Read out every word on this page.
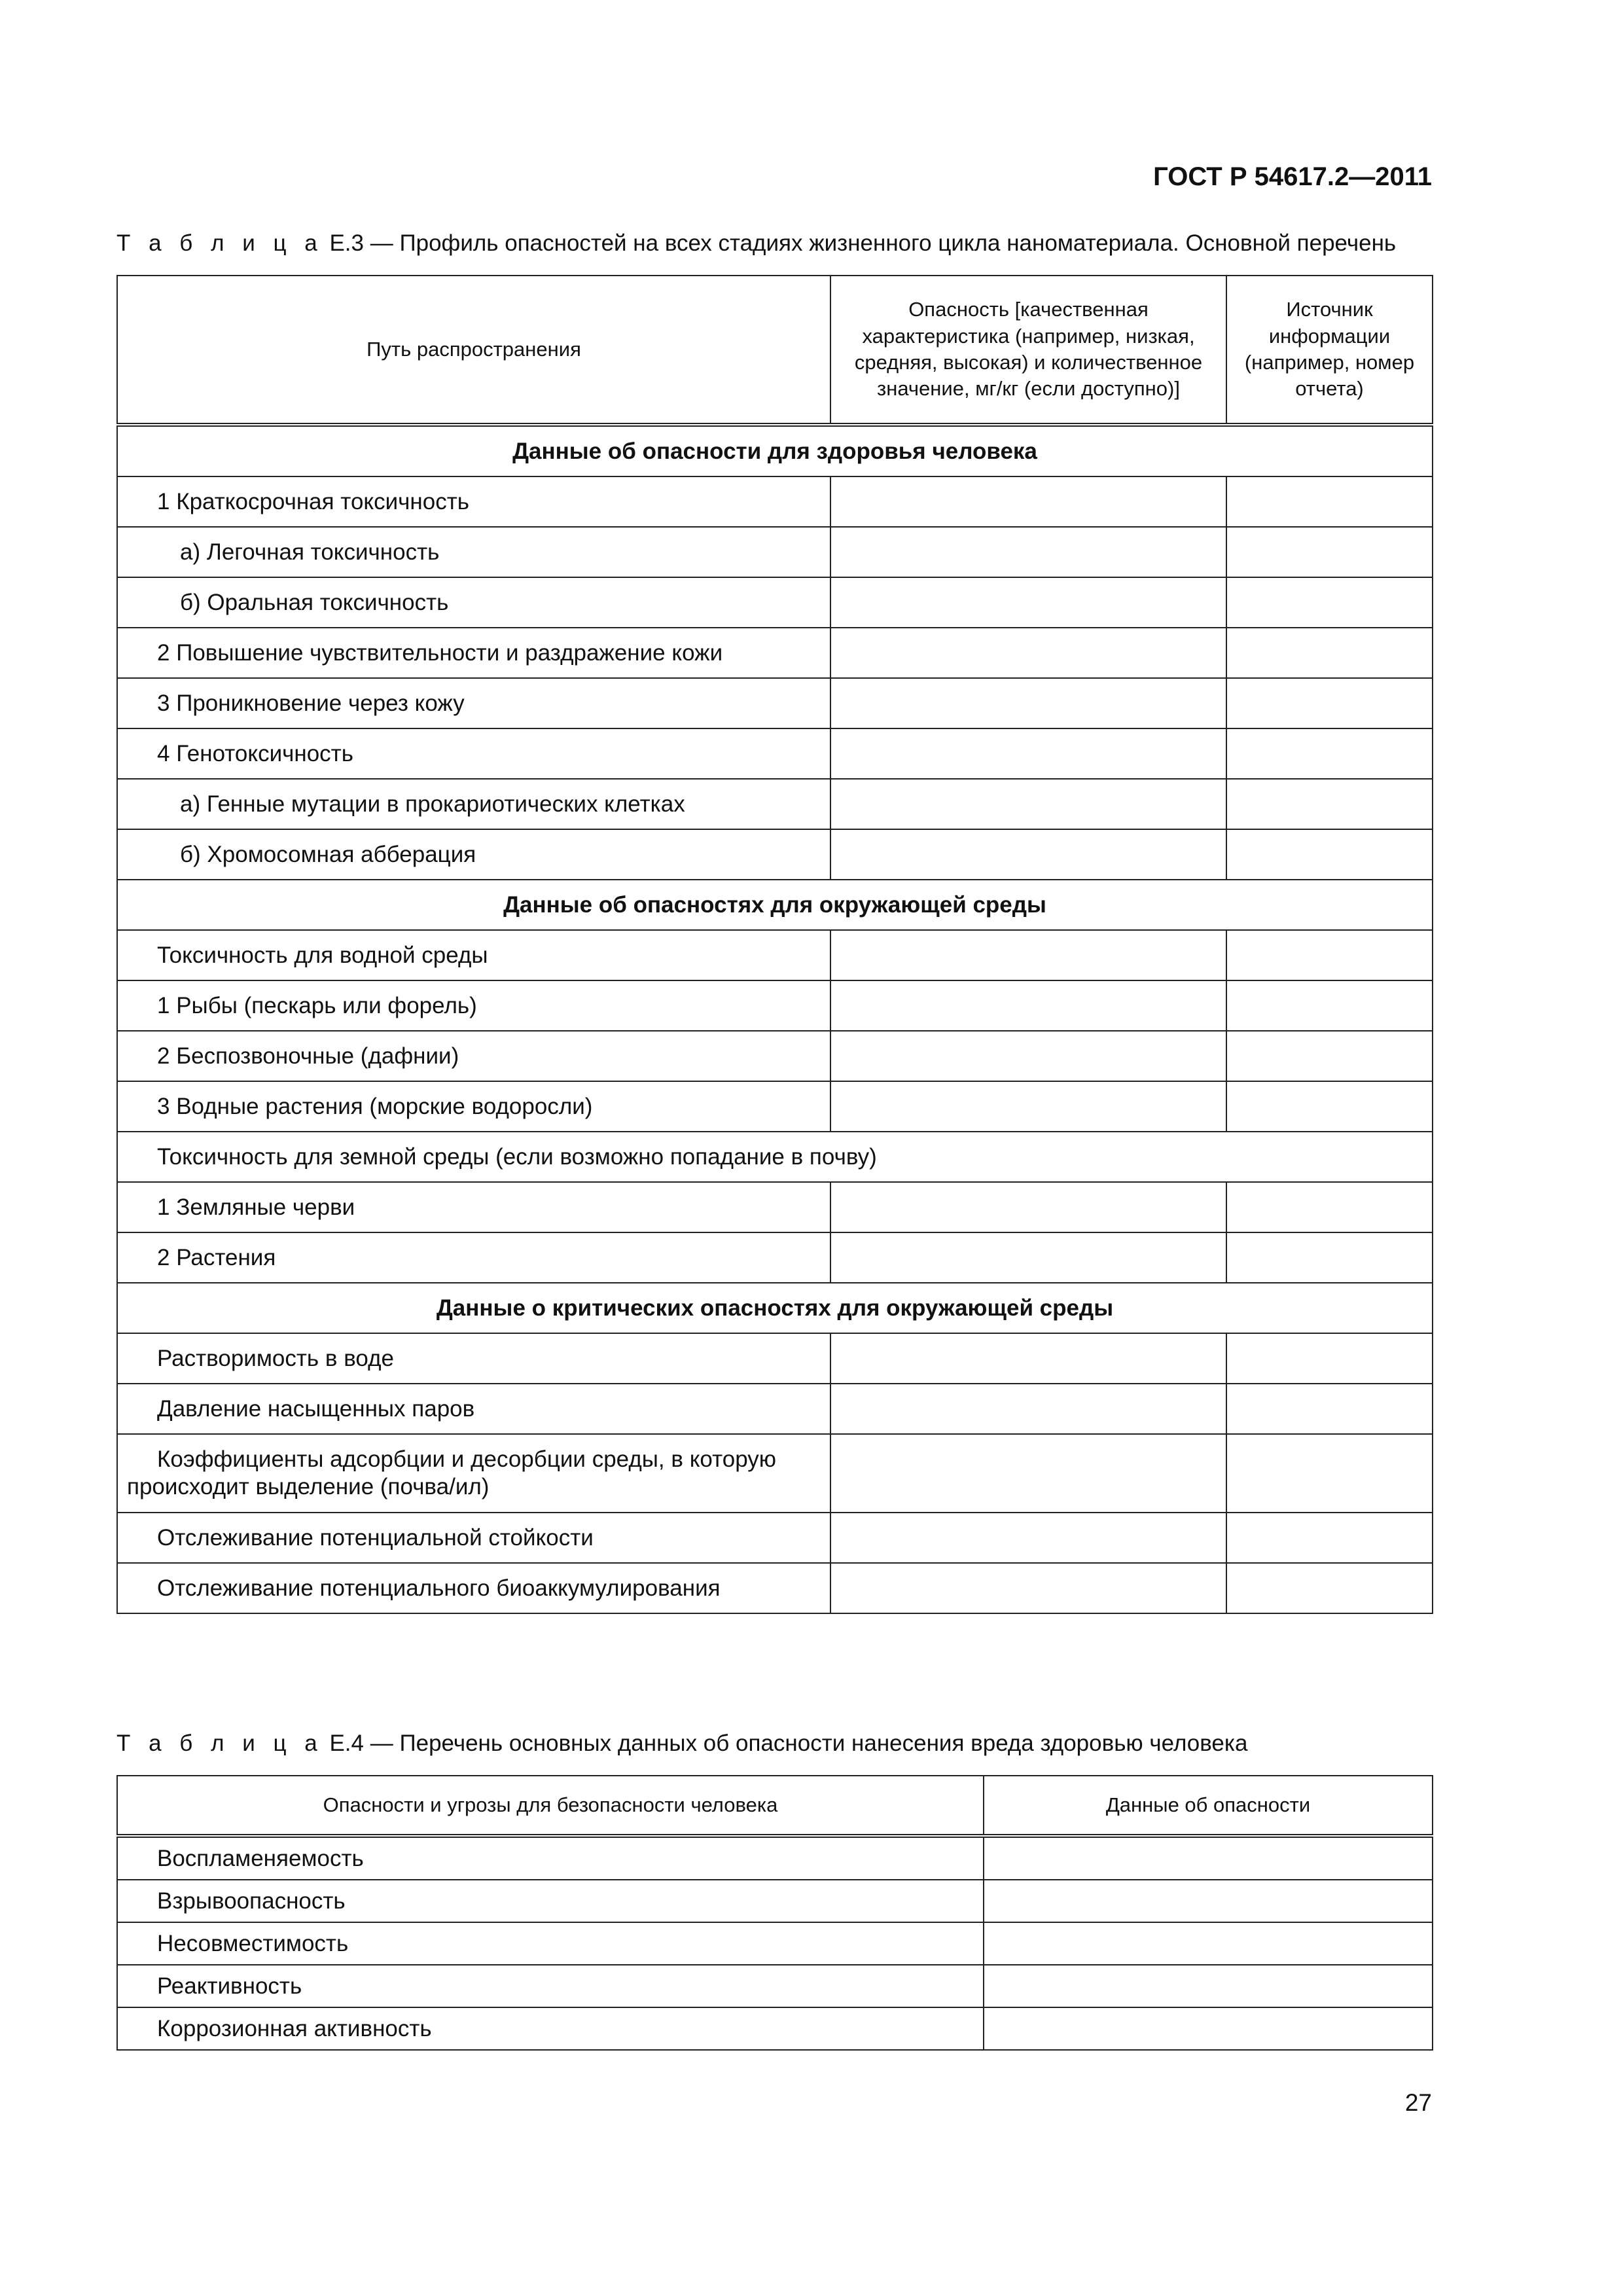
ГОСТ Р 54617.2—2011
Т а б л и ц а Е.3 — Профиль опасностей на всех стадиях жизненного цикла наноматериала. Основной перечень
Путь распространения	Опасность [качественная характеристика (например, низкая, средняя, высокая) и количественное значение, мг/кг (если доступно)]	Источник информации (например, номер отчета)
Данные об опасности для здоровья человека		
1 Краткосрочная токсичность		
а) Легочная токсичность		
б) Оральная токсичность		
2 Повышение чувствительности и раздражение кожи		
3 Проникновение через кожу		
4 Генотоксичность		
а) Генные мутации в прокариотических клетках		
б) Хромосомная абберация		
Данные об опасностях для окружающей среды		
Токсичность для водной среды		
1 Рыбы (пескарь или форель)		
2 Беспозвоночные (дафнии)		
3 Водные растения (морские водоросли)		
Токсичность для земной среды (если возможно попадание в почву)		
1 Земляные черви		
2 Растения		
Данные о критических опасностях для окружающей среды		
Растворимость в воде		
Давление насыщенных паров		
Коэффициенты адсорбции и десорбции среды, в которую происходит выделение (почва/ил)		
Отслеживание потенциальной стойкости		
Отслеживание потенциального биоаккумулирования		
Т а б л и ц а Е.4 — Перечень основных данных об опасности нанесения вреда здоровью человека
Опасности и угрозы для безопасности человека	Данные об опасности
Воспламеняемость	
Взрывоопасность	
Несовместимость	
Реактивность	
Коррозионная активность	
27
